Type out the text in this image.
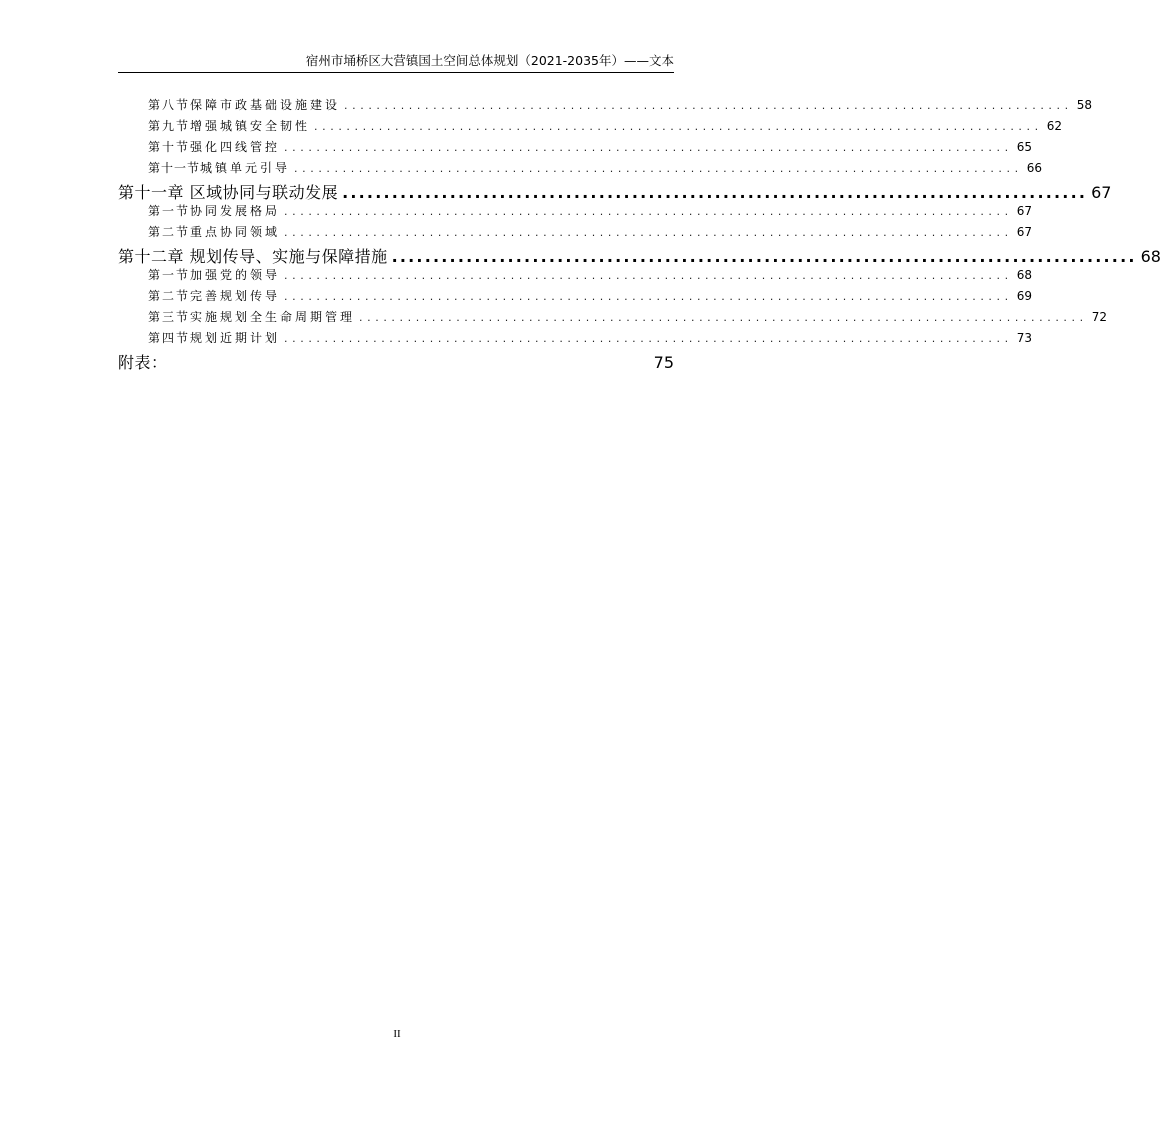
宿州市埇桥区大营镇国土空间总体规划（2021-2035年）——文本
第八节 保障市政基础设施建设 .......................................................................................... 58
第九节 增强城镇安全韧性 .......................................................................................... 62
第十节 强化四线管控 .......................................................................................... 65
第十一节 城镇单元引导 .......................................................................................... 66
第十一章 区域协同与联动发展 .......................................................................................... 67
第一节 协同发展格局 .......................................................................................... 67
第二节 重点协同领域 .......................................................................................... 67
第十二章 规划传导、实施与保障措施 .......................................................................................... 68
第一节 加强党的领导 .......................................................................................... 68
第二节 完善规划传导 .......................................................................................... 69
第三节 实施规划全生命周期管理 .......................................................................................... 72
第四节 规划近期计划 .......................................................................................... 73
附表：	75
II
